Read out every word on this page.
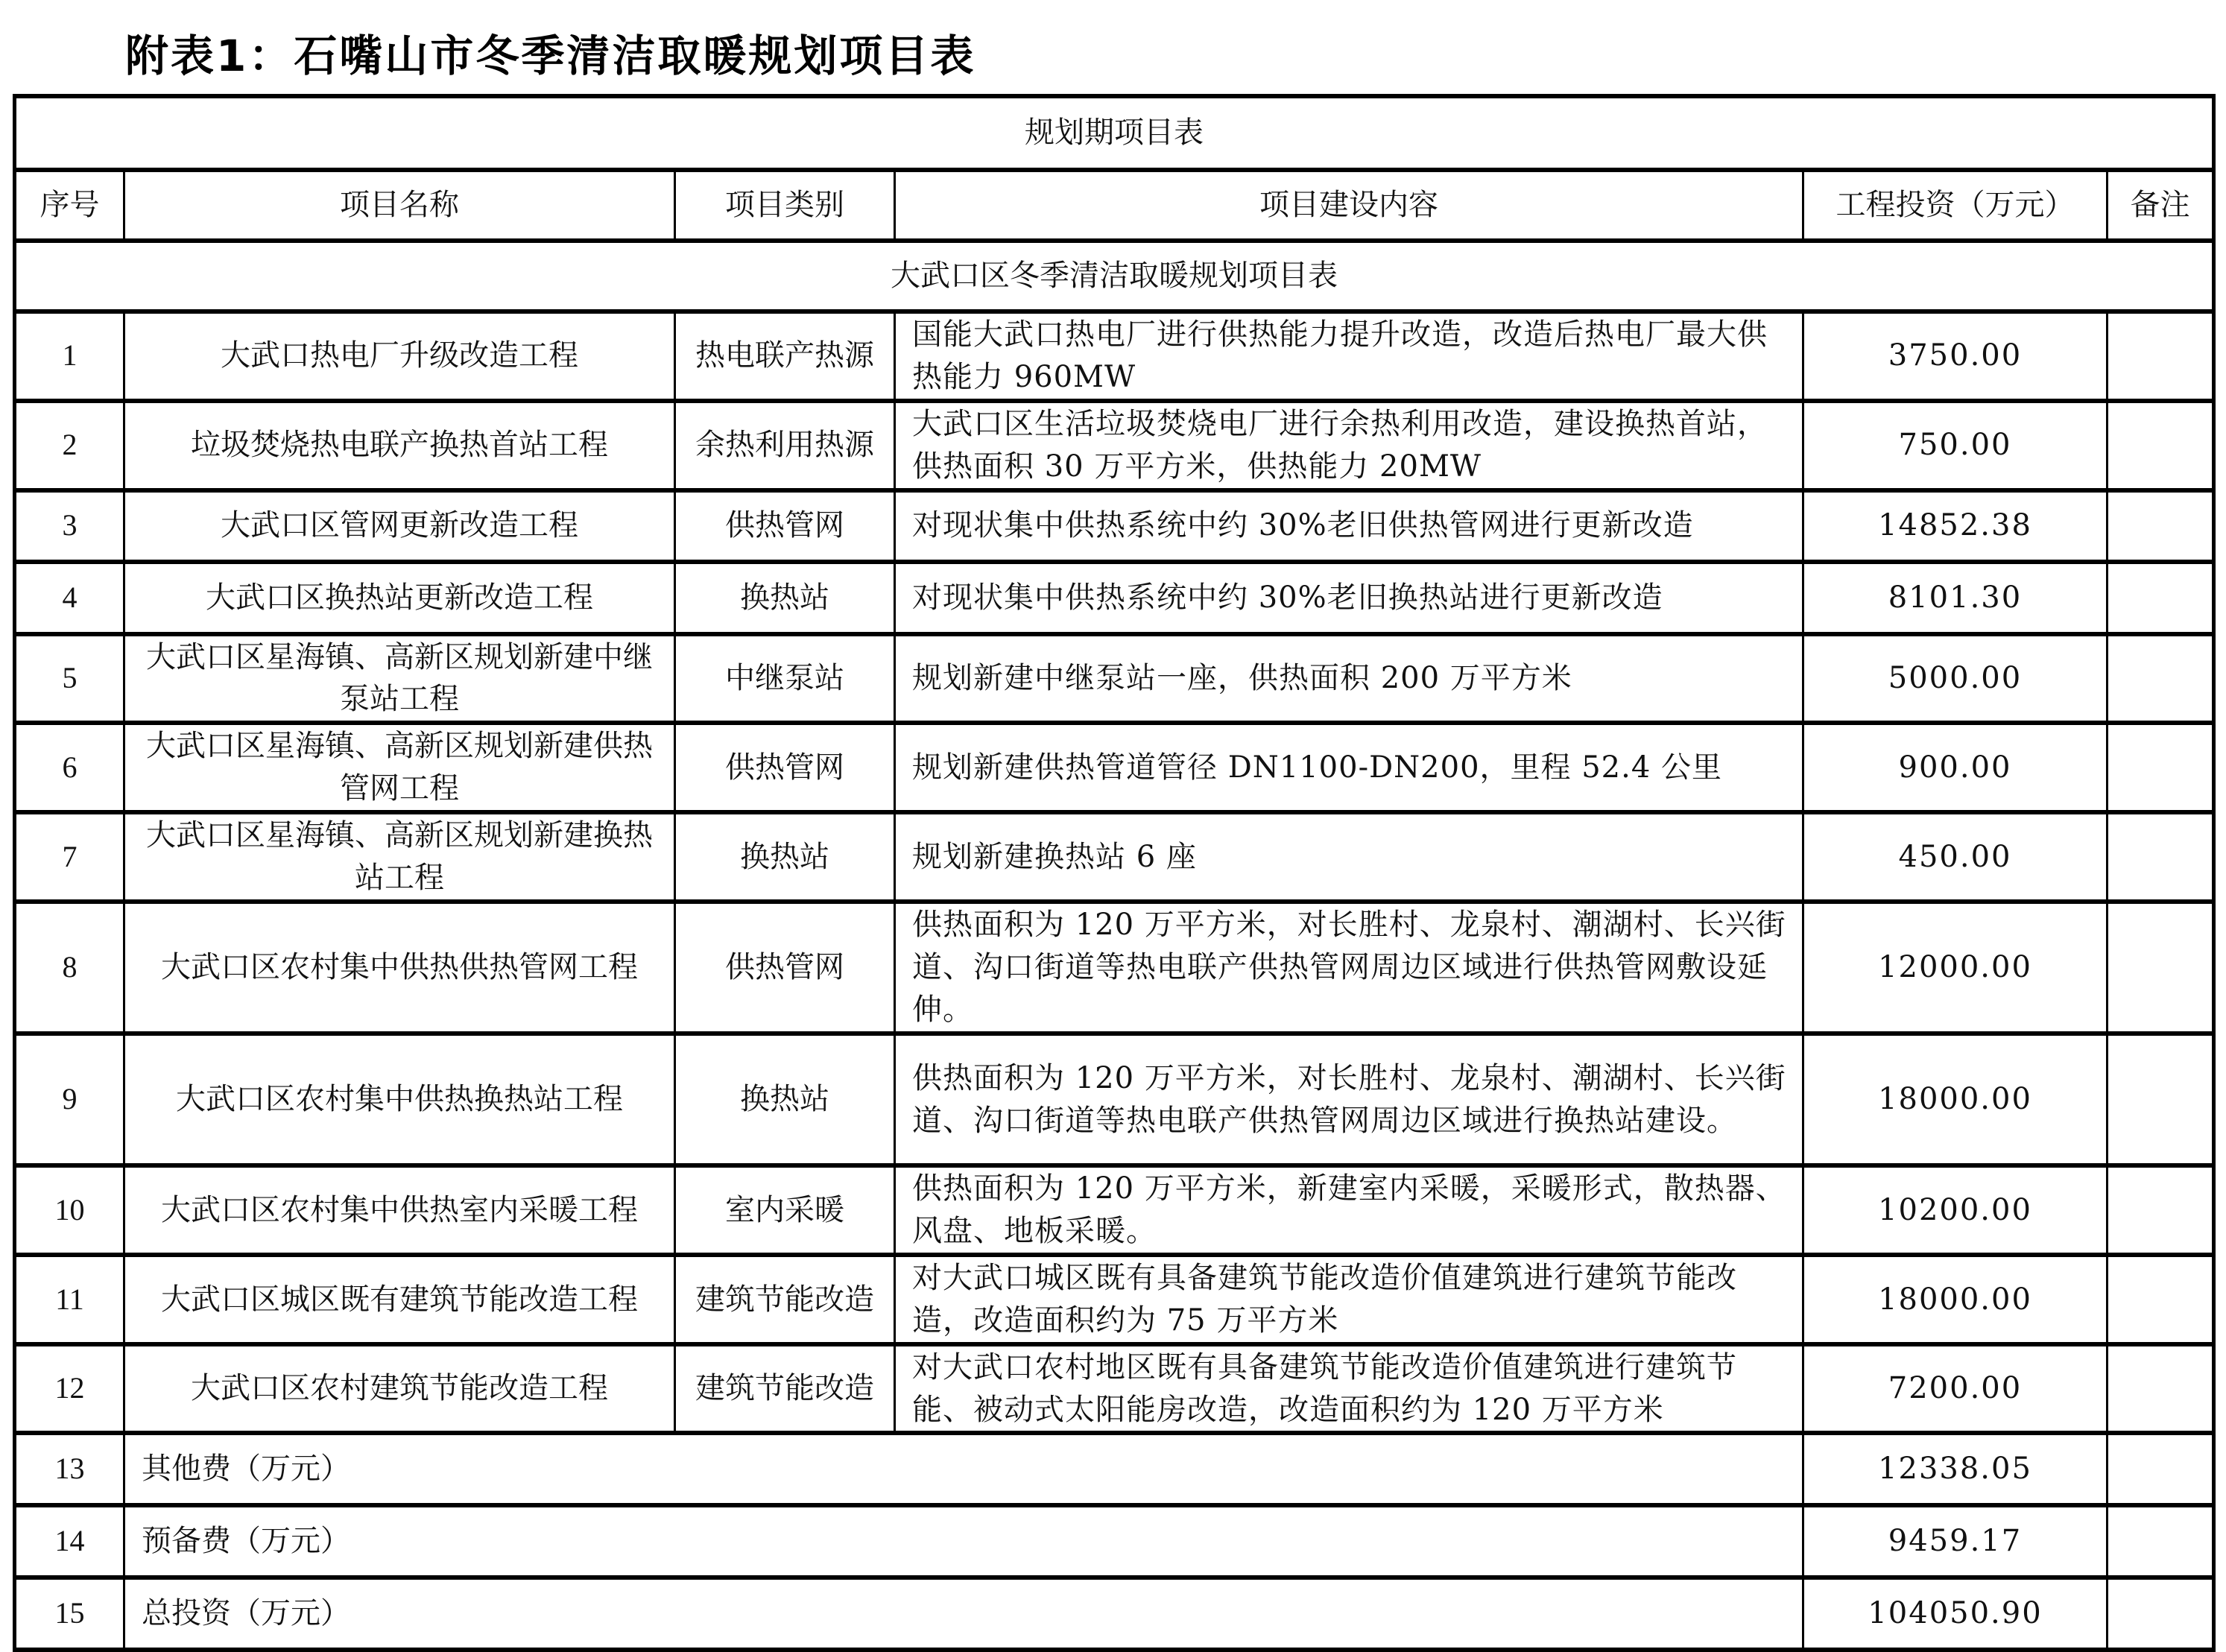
附表1：石嘴山市冬季清洁取暖规划项目表
规划期项目表					
序号	项目名称	项目类别	项目建设内容	工程投资（万元）	备注
大武口区冬季清洁取暖规划项目表					
1	大武口热电厂升级改造工程	热电联产热源	国能大武口热电厂进行供热能力提升改造，改造后热电厂最大供热能力 960MW	3750.00	
2	垃圾焚烧热电联产换热首站工程	余热利用热源	大武口区生活垃圾焚烧电厂进行余热利用改造，建设换热首站，供热面积 30 万平方米，供热能力 20MW	750.00	
3	大武口区管网更新改造工程	供热管网	对现状集中供热系统中约 30%老旧供热管网进行更新改造	14852.38	
4	大武口区换热站更新改造工程	换热站	对现状集中供热系统中约 30%老旧换热站进行更新改造	8101.30	
5	大武口区星海镇、高新区规划新建中继泵站工程	中继泵站	规划新建中继泵站一座，供热面积 200 万平方米	5000.00	
6	大武口区星海镇、高新区规划新建供热管网工程	供热管网	规划新建供热管道管径 DN1100-DN200，里程 52.4 公里	900.00	
7	大武口区星海镇、高新区规划新建换热站工程	换热站	规划新建换热站 6 座	450.00	
8	大武口区农村集中供热供热管网工程	供热管网	供热面积为 120 万平方米，对长胜村、龙泉村、潮湖村、长兴街道、沟口街道等热电联产供热管网周边区域进行供热管网敷设延伸。	12000.00	
9	大武口区农村集中供热换热站工程	换热站	供热面积为 120 万平方米，对长胜村、龙泉村、潮湖村、长兴街道、沟口街道等热电联产供热管网周边区域进行换热站建设。	18000.00	
10	大武口区农村集中供热室内采暖工程	室内采暖	供热面积为 120 万平方米，新建室内采暖，采暖形式，散热器、风盘、地板采暖。	10200.00	
11	大武口区城区既有建筑节能改造工程	建筑节能改造	对大武口城区既有具备建筑节能改造价值建筑进行建筑节能改造，改造面积约为 75 万平方米	18000.00	
12	大武口区农村建筑节能改造工程	建筑节能改造	对大武口农村地区既有具备建筑节能改造价值建筑进行建筑节能、被动式太阳能房改造，改造面积约为 120 万平方米	7200.00	
13	其他费（万元）			12338.05	
14	预备费（万元）			9459.17	
15	总投资（万元）			104050.90	
